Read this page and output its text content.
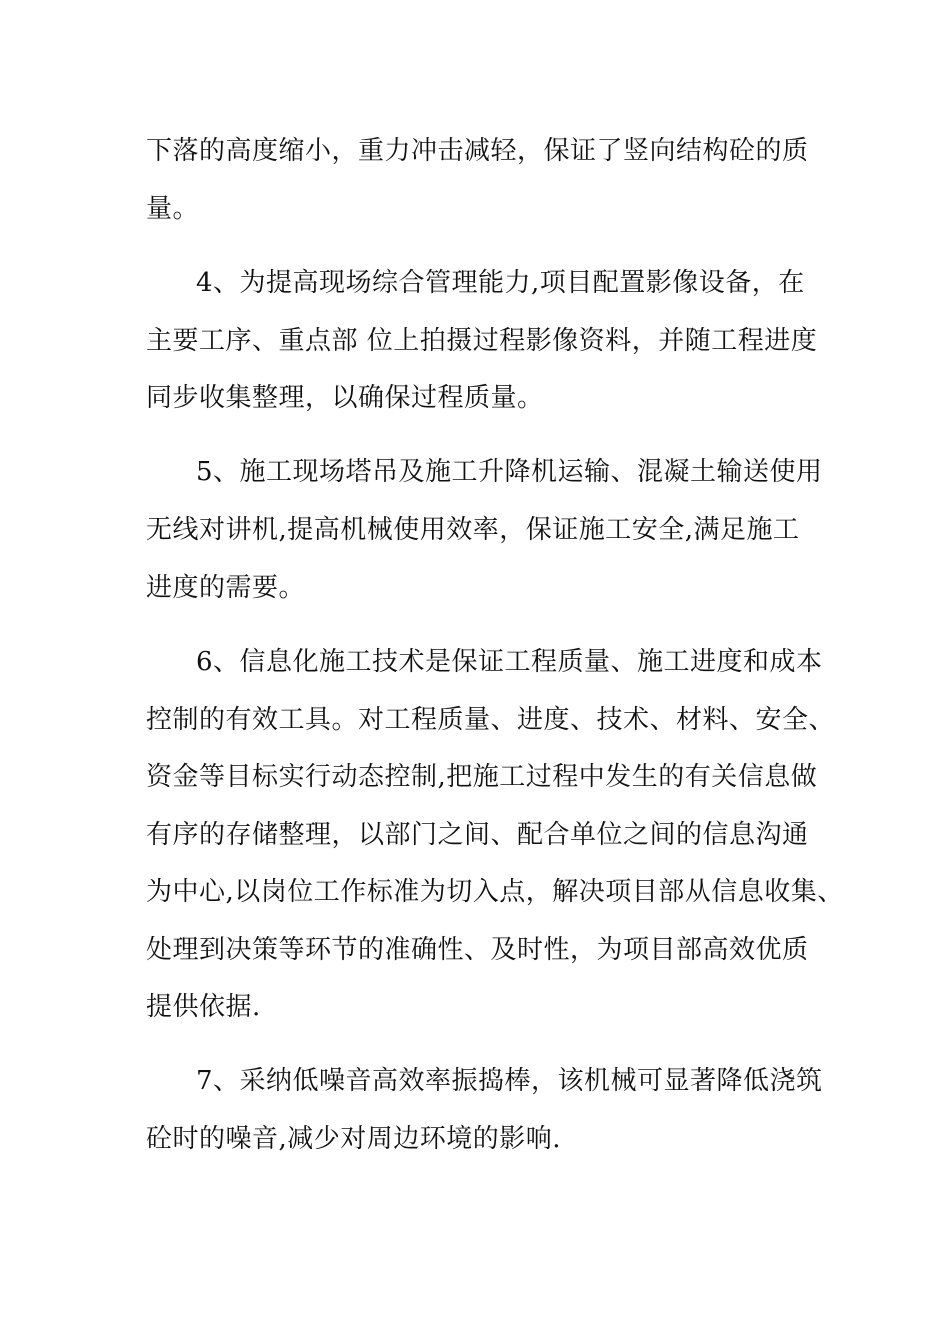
下落的高度缩小，重力冲击减轻，保证了竖向结构砼的质
量。
4、为提高现场综合管理能力,项目配置影像设备，在
主要工序、重点部 位上拍摄过程影像资料，并随工程进度
同步收集整理，以确保过程质量。
5、施工现场塔吊及施工升降机运输、混凝土输送使用
无线对讲机,提高机械使用效率，保证施工安全,满足施工
进度的需要。
6、信息化施工技术是保证工程质量、施工进度和成本
控制的有效工具。对工程质量、进度、技术、材料、安全、
资金等目标实行动态控制,把施工过程中发生的有关信息做
有序的存储整理，以部门之间、配合单位之间的信息沟通
为中心,以岗位工作标准为切入点，解决项目部从信息收集、
处理到决策等环节的准确性、及时性，为项目部高效优质
提供依据.
7、采纳低噪音高效率振捣棒，该机械可显著降低浇筑
砼时的噪音,减少对周边环境的影响.
